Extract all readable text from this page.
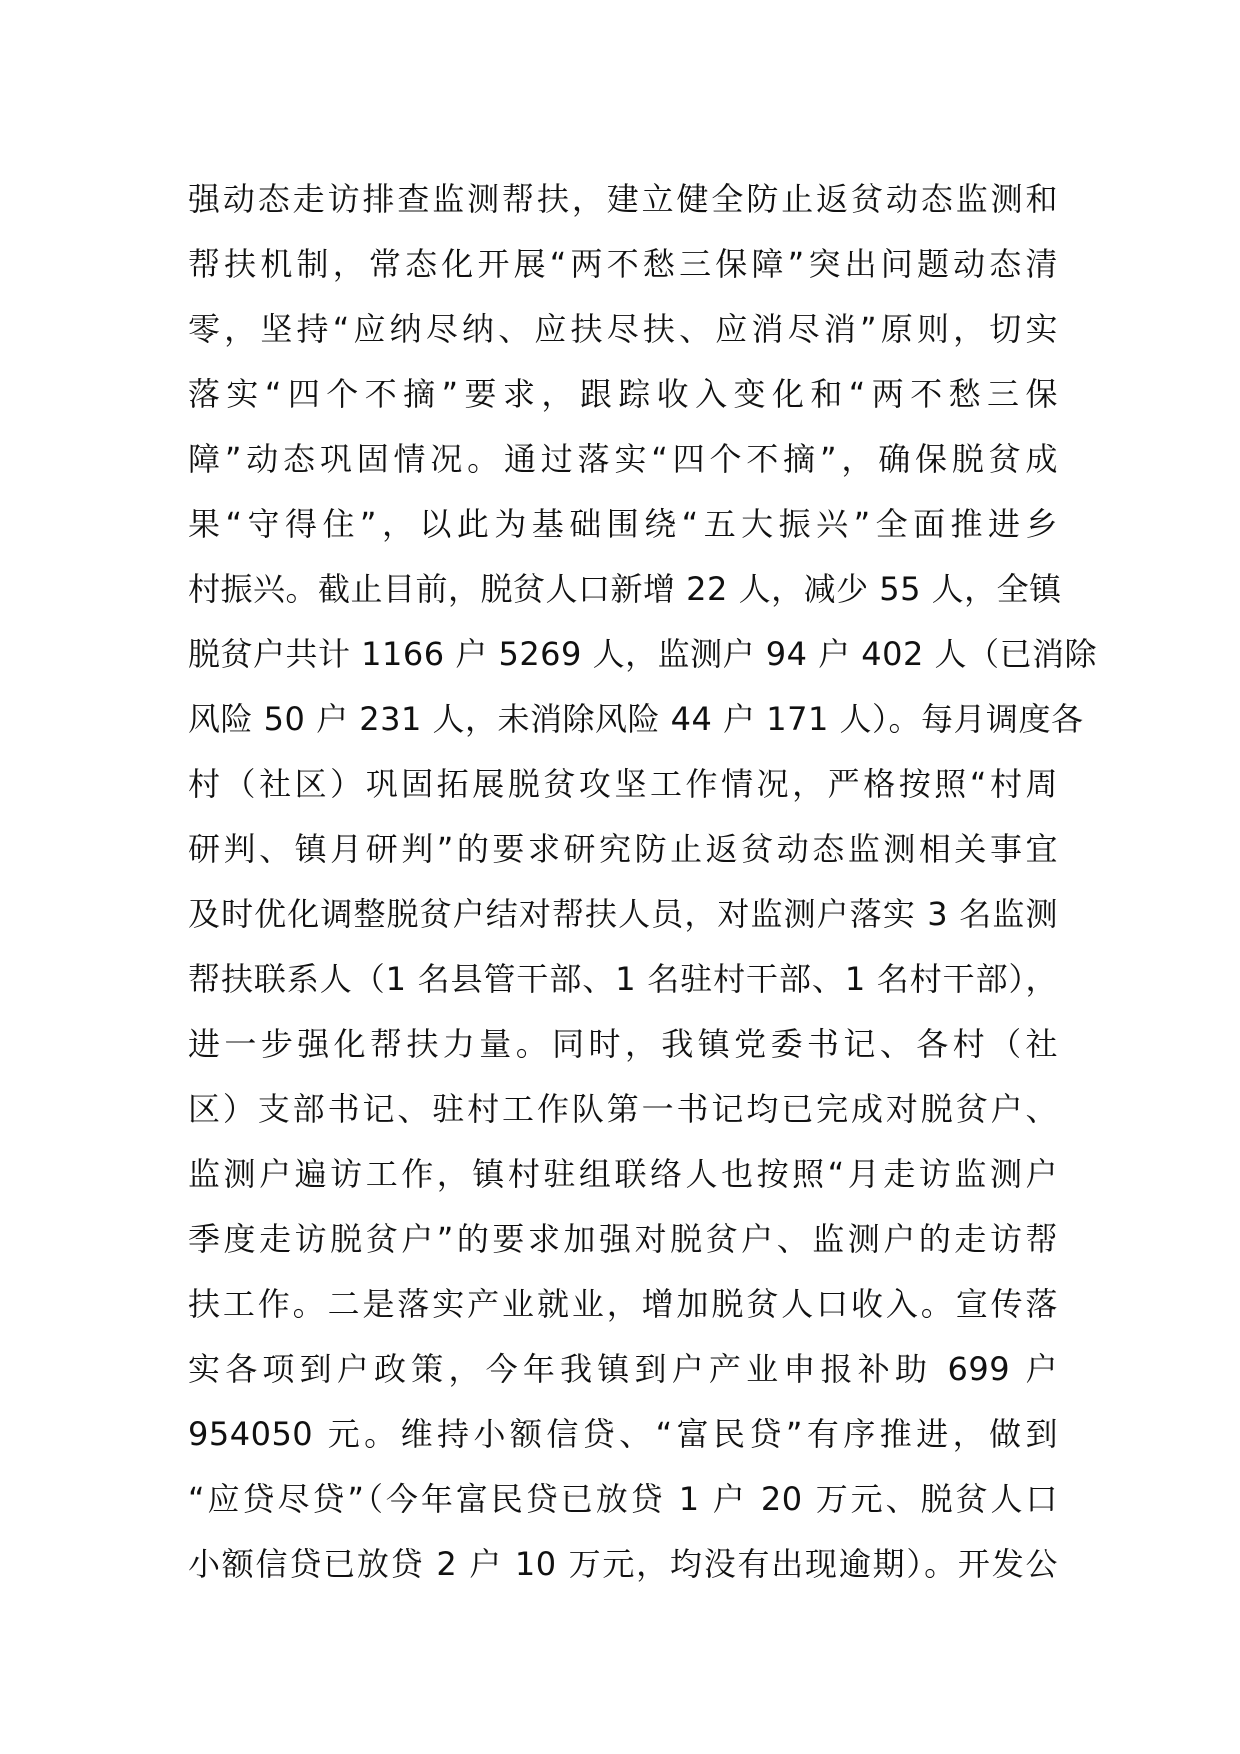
强动态走访排查监测帮扶，建立健全防止返贫动态监测和
帮扶机制，常态化开展“两不愁三保障”突出问题动态清
零，坚持“应纳尽纳、应扶尽扶、应消尽消”原则，切实
落实“四个不摘”要求，跟踪收入变化和“两不愁三保
障”动态巩固情况。通过落实“四个不摘”，确保脱贫成
果“守得住”，以此为基础围绕“五大振兴”全面推进乡
村振兴。截止目前，脱贫人口新增 22 人，减少 55 人，全镇
脱贫户共计 1166 户 5269 人，监测户 94 户 402 人（已消除
风险 50 户 231 人，未消除风险 44 户 171 人）。每月调度各
村（社区）巩固拓展脱贫攻坚工作情况，严格按照“村周
研判、镇月研判”的要求研究防止返贫动态监测相关事宜
及时优化调整脱贫户结对帮扶人员，对监测户落实 3 名监测
帮扶联系人（1 名县管干部、1 名驻村干部、1 名村干部），
进一步强化帮扶力量。同时，我镇党委书记、各村（社
区）支部书记、驻村工作队第一书记均已完成对脱贫户、
监测户遍访工作，镇村驻组联络人也按照“月走访监测户
季度走访脱贫户”的要求加强对脱贫户、监测户的走访帮
扶工作。二是落实产业就业，增加脱贫人口收入。宣传落
实各项到户政策，今年我镇到户产业申报补助 699 户
954050 元。维持小额信贷、“富民贷”有序推进，做到
“应贷尽贷”（今年富民贷已放贷 1 户 20 万元、脱贫人口
小额信贷已放贷 2 户 10 万元，均没有出现逾期）。开发公
